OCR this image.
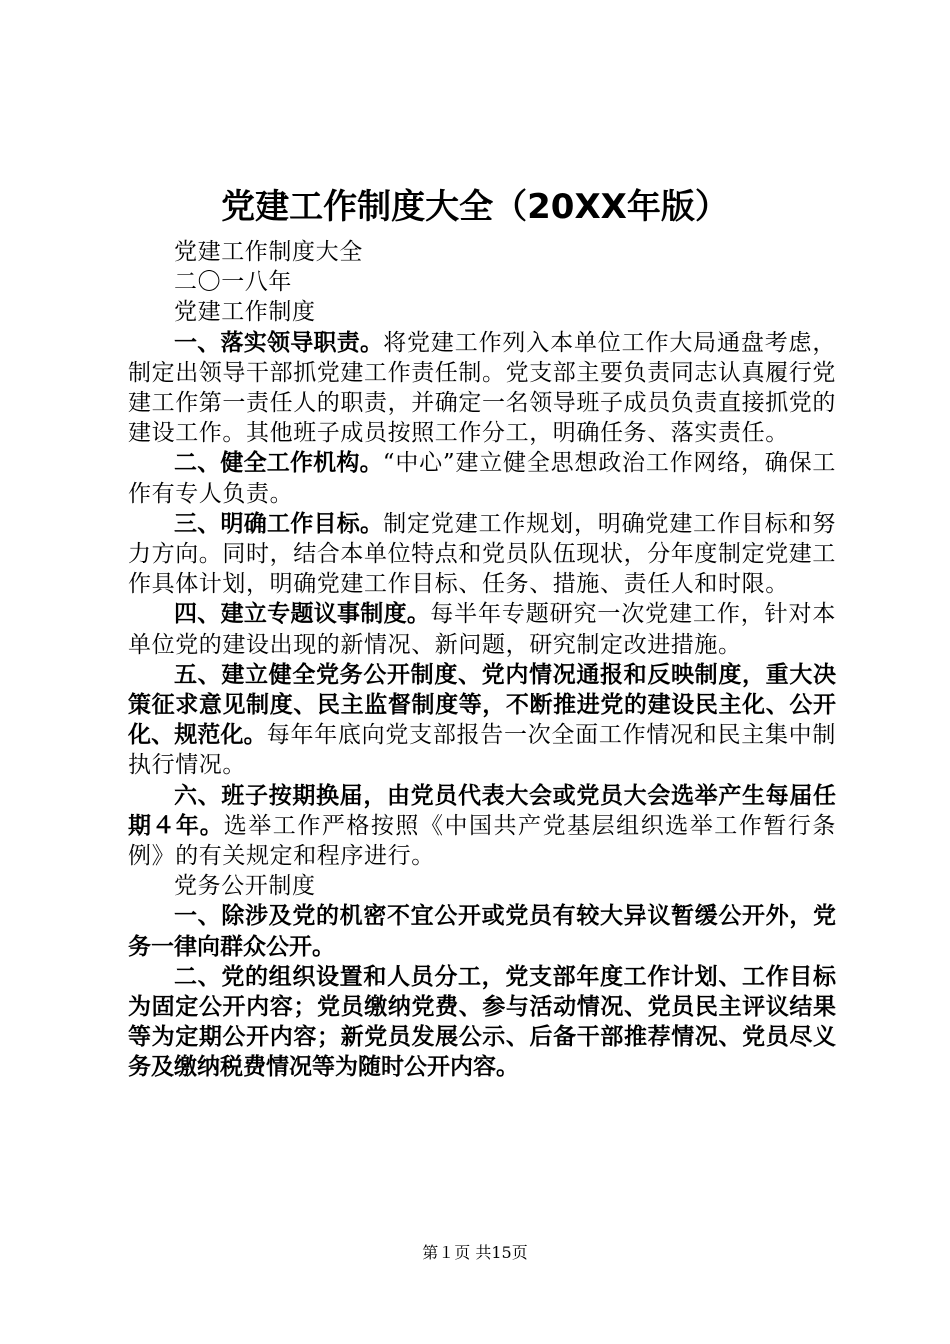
党建工作制度大全（20XX年版）

党建工作制度大全

二〇一八年

党建工作制度

一、落实领导职责。将党建工作列入本单位工作大局通盘考虑，制定出领导干部抓党建工作责任制。党支部主要负责同志认真履行党建工作第一责任人的职责，并确定一名领导班子成员负责直接抓党的建设工作。其他班子成员按照工作分工，明确任务、落实责任。

二、健全工作机构。“中心”建立健全思想政治工作网络，确保工作有专人负责。

三、明确工作目标。制定党建工作规划，明确党建工作目标和努力方向。同时，结合本单位特点和党员队伍现状，分年度制定党建工作具体计划，明确党建工作目标、任务、措施、责任人和时限。

四、建立专题议事制度。每半年专题研究一次党建工作，针对本单位党的建设出现的新情况、新问题，研究制定改进措施。

五、建立健全党务公开制度、党内情况通报和反映制度，重大决策征求意见制度、民主监督制度等，不断推进党的建设民主化、公开化、规范化。每年年底向党支部报告一次全面工作情况和民主集中制执行情况。

六、班子按期换届，由党员代表大会或党员大会选举产生每届任期４年。选举工作严格按照《中国共产党基层组织选举工作暂行条例》的有关规定和程序进行。

党务公开制度

一、除涉及党的机密不宜公开或党员有较大异议暂缓公开外，党务一律向群众公开。

二、党的组织设置和人员分工，党支部年度工作计划、工作目标为固定公开内容；党员缴纳党费、参与活动情况、党员民主评议结果等为定期公开内容；新党员发展公示、后备干部推荐情况、党员尽义务及缴纳税费情况等为随时公开内容。

第１页 共15页
